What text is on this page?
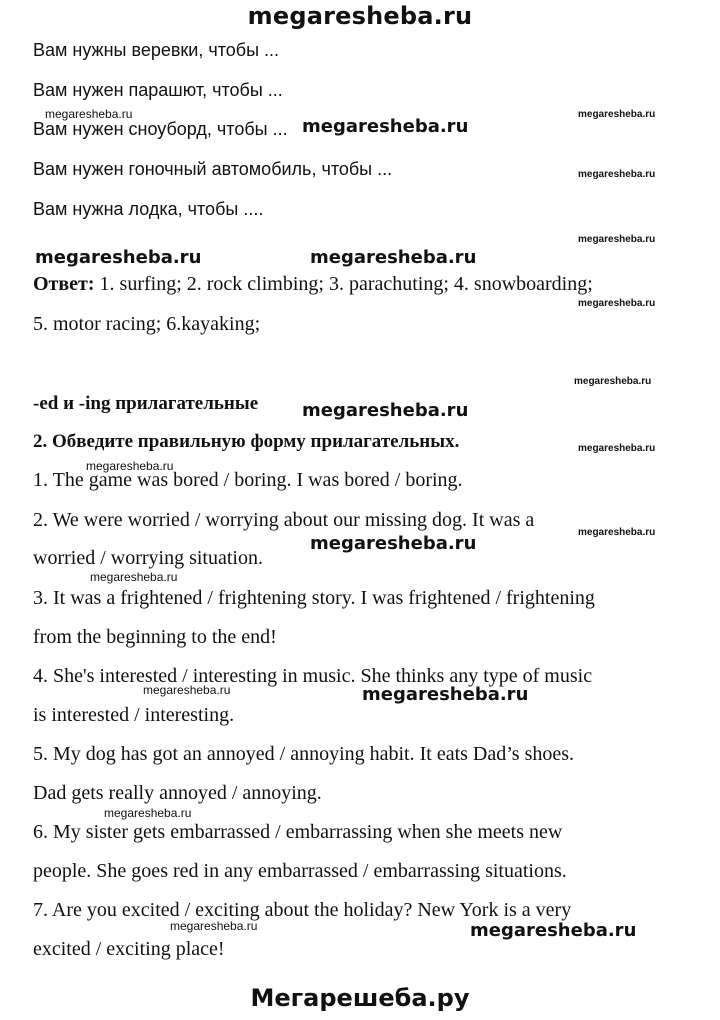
megaresheba.ru
Вам нужны веревки, чтобы ...
Вам нужен парашют, чтобы ...
Вам нужен сноуборд, чтобы ...
Вам нужен гоночный автомобиль, чтобы ...
Вам нужна лодка, чтобы ....
Ответ: 1. surfing; 2. rock climbing; 3. parachuting; 4. snowboarding;
5. motor racing; 6.kayaking;
-ed и -ing прилагательные
2. Обведите правильную форму прилагательных.
1. The game was bored / boring. I was bored / boring.
2. We were worried / worrying about our missing dog. It was a
worried / worrying situation.
3. It was a frightened / frightening story. I was frightened / frightening
from the beginning to the end!
4. She's interested / interesting in music. She thinks any type of music
is interested / interesting.
5. My dog has got an annoyed / annoying habit. It eats Dad’s shoes.
Dad gets really annoyed / annoying.
6. My sister gets embarrassed / embarrassing when she meets new
people. She goes red in any embarrassed / embarrassing situations.
7. Are you excited / exciting about the holiday? New York is a very
excited / exciting place!
megaresheba.ru
megaresheba.ru
megaresheba.ru
megaresheba.ru
megaresheba.ru
megaresheba.ru	megaresheba.ru
megaresheba.ru
megaresheba.ru
megaresheba.ru
megaresheba.ru
megaresheba.ru
megaresheba.ru
megaresheba.ru
megaresheba.ru
megaresheba.ru	megaresheba.ru
megaresheba.ru
megaresheba.ru	megaresheba.ru
Мегарешеба.ру
